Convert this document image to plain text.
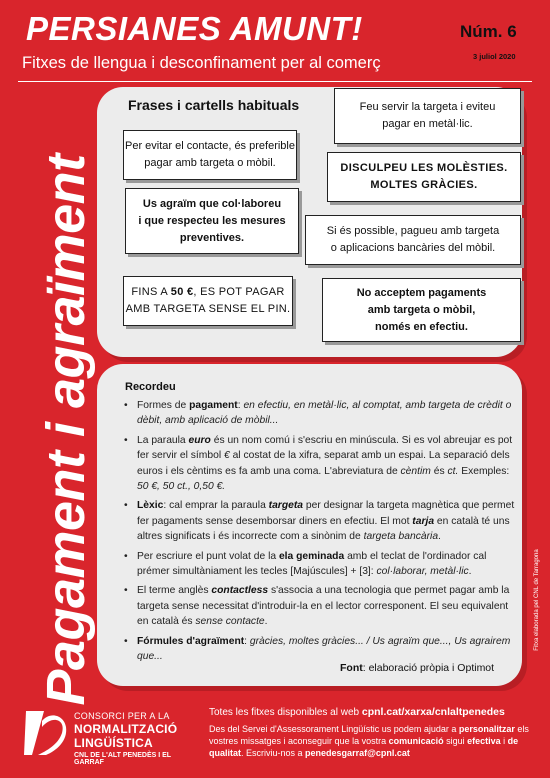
PERSIANES AMUNT!
Fitxes de llengua i desconfinament per al comerç
Núm. 6
3 juliol 2020
Pagament i agraïment	Fitxa elaborada pel CNL de Tarragona
Frases i cartells habituals	Feu servir la targeta i eviteu
pagar en metàl·lic.
Per evitar el contacte, és preferible
pagar amb targeta o mòbil.	DISCULPEU LES MOLÈSTIES.
MOLTES GRÀCIES.
Us agraïm que col·laboreu
i que respecteu les mesures
preventives.
Si és possible, pagueu amb targeta
o aplicacions bancàries del mòbil.
FINS A 50 €, ES POT PAGAR
AMB TARGETA SENSE EL PIN.
No acceptem pagaments
amb targeta o mòbil,
només en efectiu.
Recordeu
• Formes de pagament: en efectiu, en metàl·lic, al comptat, amb targeta de crèdit o dèbit, amb aplicació de mòbil...
• La paraula euro és un nom comú i s'escriu en minúscula. Si es vol abreujar es pot fer servir el símbol € al costat de la xifra, separat amb un espai. La separació dels euros i els cèntims es fa amb una coma. L'abreviatura de cèntim és ct. Exemples: 50 €, 50 ct., 0,50 €.
• Lèxic: cal emprar la paraula targeta per designar la targeta magnètica que permet fer pagaments sense desemborsar diners en efectiu. El mot tarja en català té uns altres significats i és incorrecte com a sinònim de targeta bancària.
• Per escriure el punt volat de la ela geminada amb el teclat de l'ordinador cal prémer simultàniament les tecles [Majúscules] + [3]: col·laborar, metàl·lic.
• El terme anglès contactless s'associa a una tecnologia que permet pagar amb la targeta sense necessitat d'introduir-la en el lector corresponent. El seu equivalent en català és sense contacte.
• Fórmules d'agraïment: gràcies, moltes gràcies... / Us agraïm que..., Us agrairem que...
Font: elaboració pròpia i Optimot
CONSORCI PER A LA
NORMALITZACIÓ
LINGÜÍSTICA
CNL DE L'ALT PENEDÈS I EL GARRAF
Totes les fitxes disponibles al web cpnl.cat/xarxa/cnlaltpenedes
Des del Servei d'Assessorament Lingüístic us podem ajudar a personalitzar els vostres missatges i aconseguir que la vostra comunicació sigui efectiva i de qualitat. Escriviu-nos a penedesgarraf@cpnl.cat
